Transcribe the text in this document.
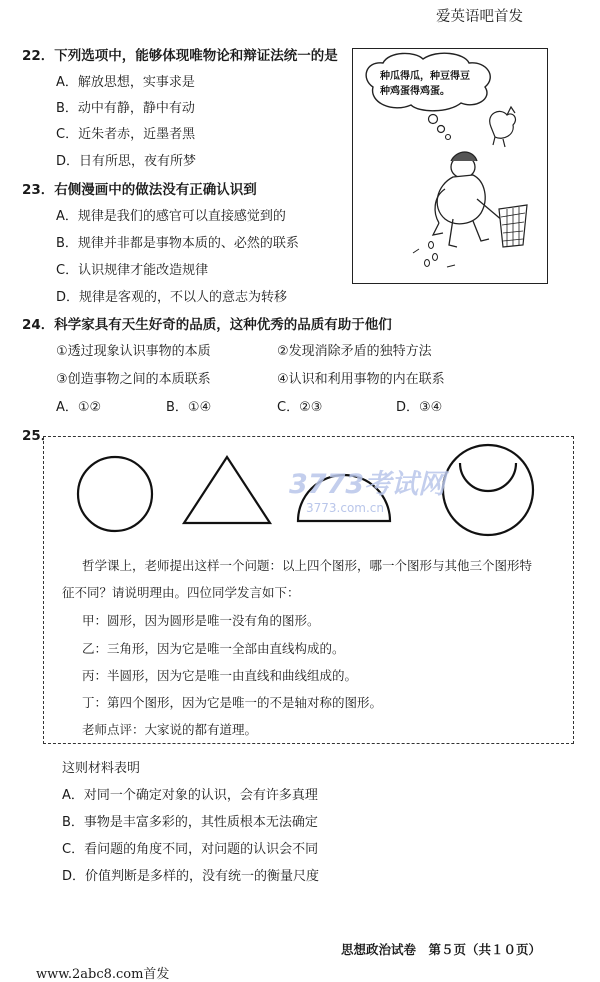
爱英语吧首发
22．下列选项中，能够体现唯物论和辩证法统一的是
A．解放思想，实事求是
B．动中有静，静中有动
C．近朱者赤，近墨者黑
D．日有所思，夜有所梦
23．右侧漫画中的做法没有正确认识到
A．规律是我们的感官可以直接感觉到的
B．规律并非都是事物本质的、必然的联系
C．认识规律才能改造规律
D．规律是客观的，不以人的意志为转移
种瓜得瓜，种豆得豆
种鸡蛋得鸡蛋。
24．科学家具有天生好奇的品质，这种优秀的品质有助于他们
①透过现象认识事物的本质	②发现消除矛盾的独特方法
③创造事物之间的本质联系	④认识和利用事物的内在联系
A．①②	B．①④	C．②③	D．③④
25．
3773考试网
3773.com.cn
哲学课上，老师提出这样一个问题：以上四个图形，哪一个图形与其他三个图形特
征不同？请说明理由。四位同学发言如下：
甲：圆形，因为圆形是唯一没有角的图形。
乙：三角形，因为它是唯一全部由直线构成的。
丙：半圆形，因为它是唯一由直线和曲线组成的。
丁：第四个图形，因为它是唯一的不是轴对称的图形。
老师点评：大家说的都有道理。
这则材料表明
A．对同一个确定对象的认识，会有许多真理
B．事物是丰富多彩的，其性质根本无法确定
C．看问题的角度不同，对问题的认识会不同
D．价值判断是多样的，没有统一的衡量尺度
思想政治试卷　第５页（共１０页）
www.2abc8.com首发
